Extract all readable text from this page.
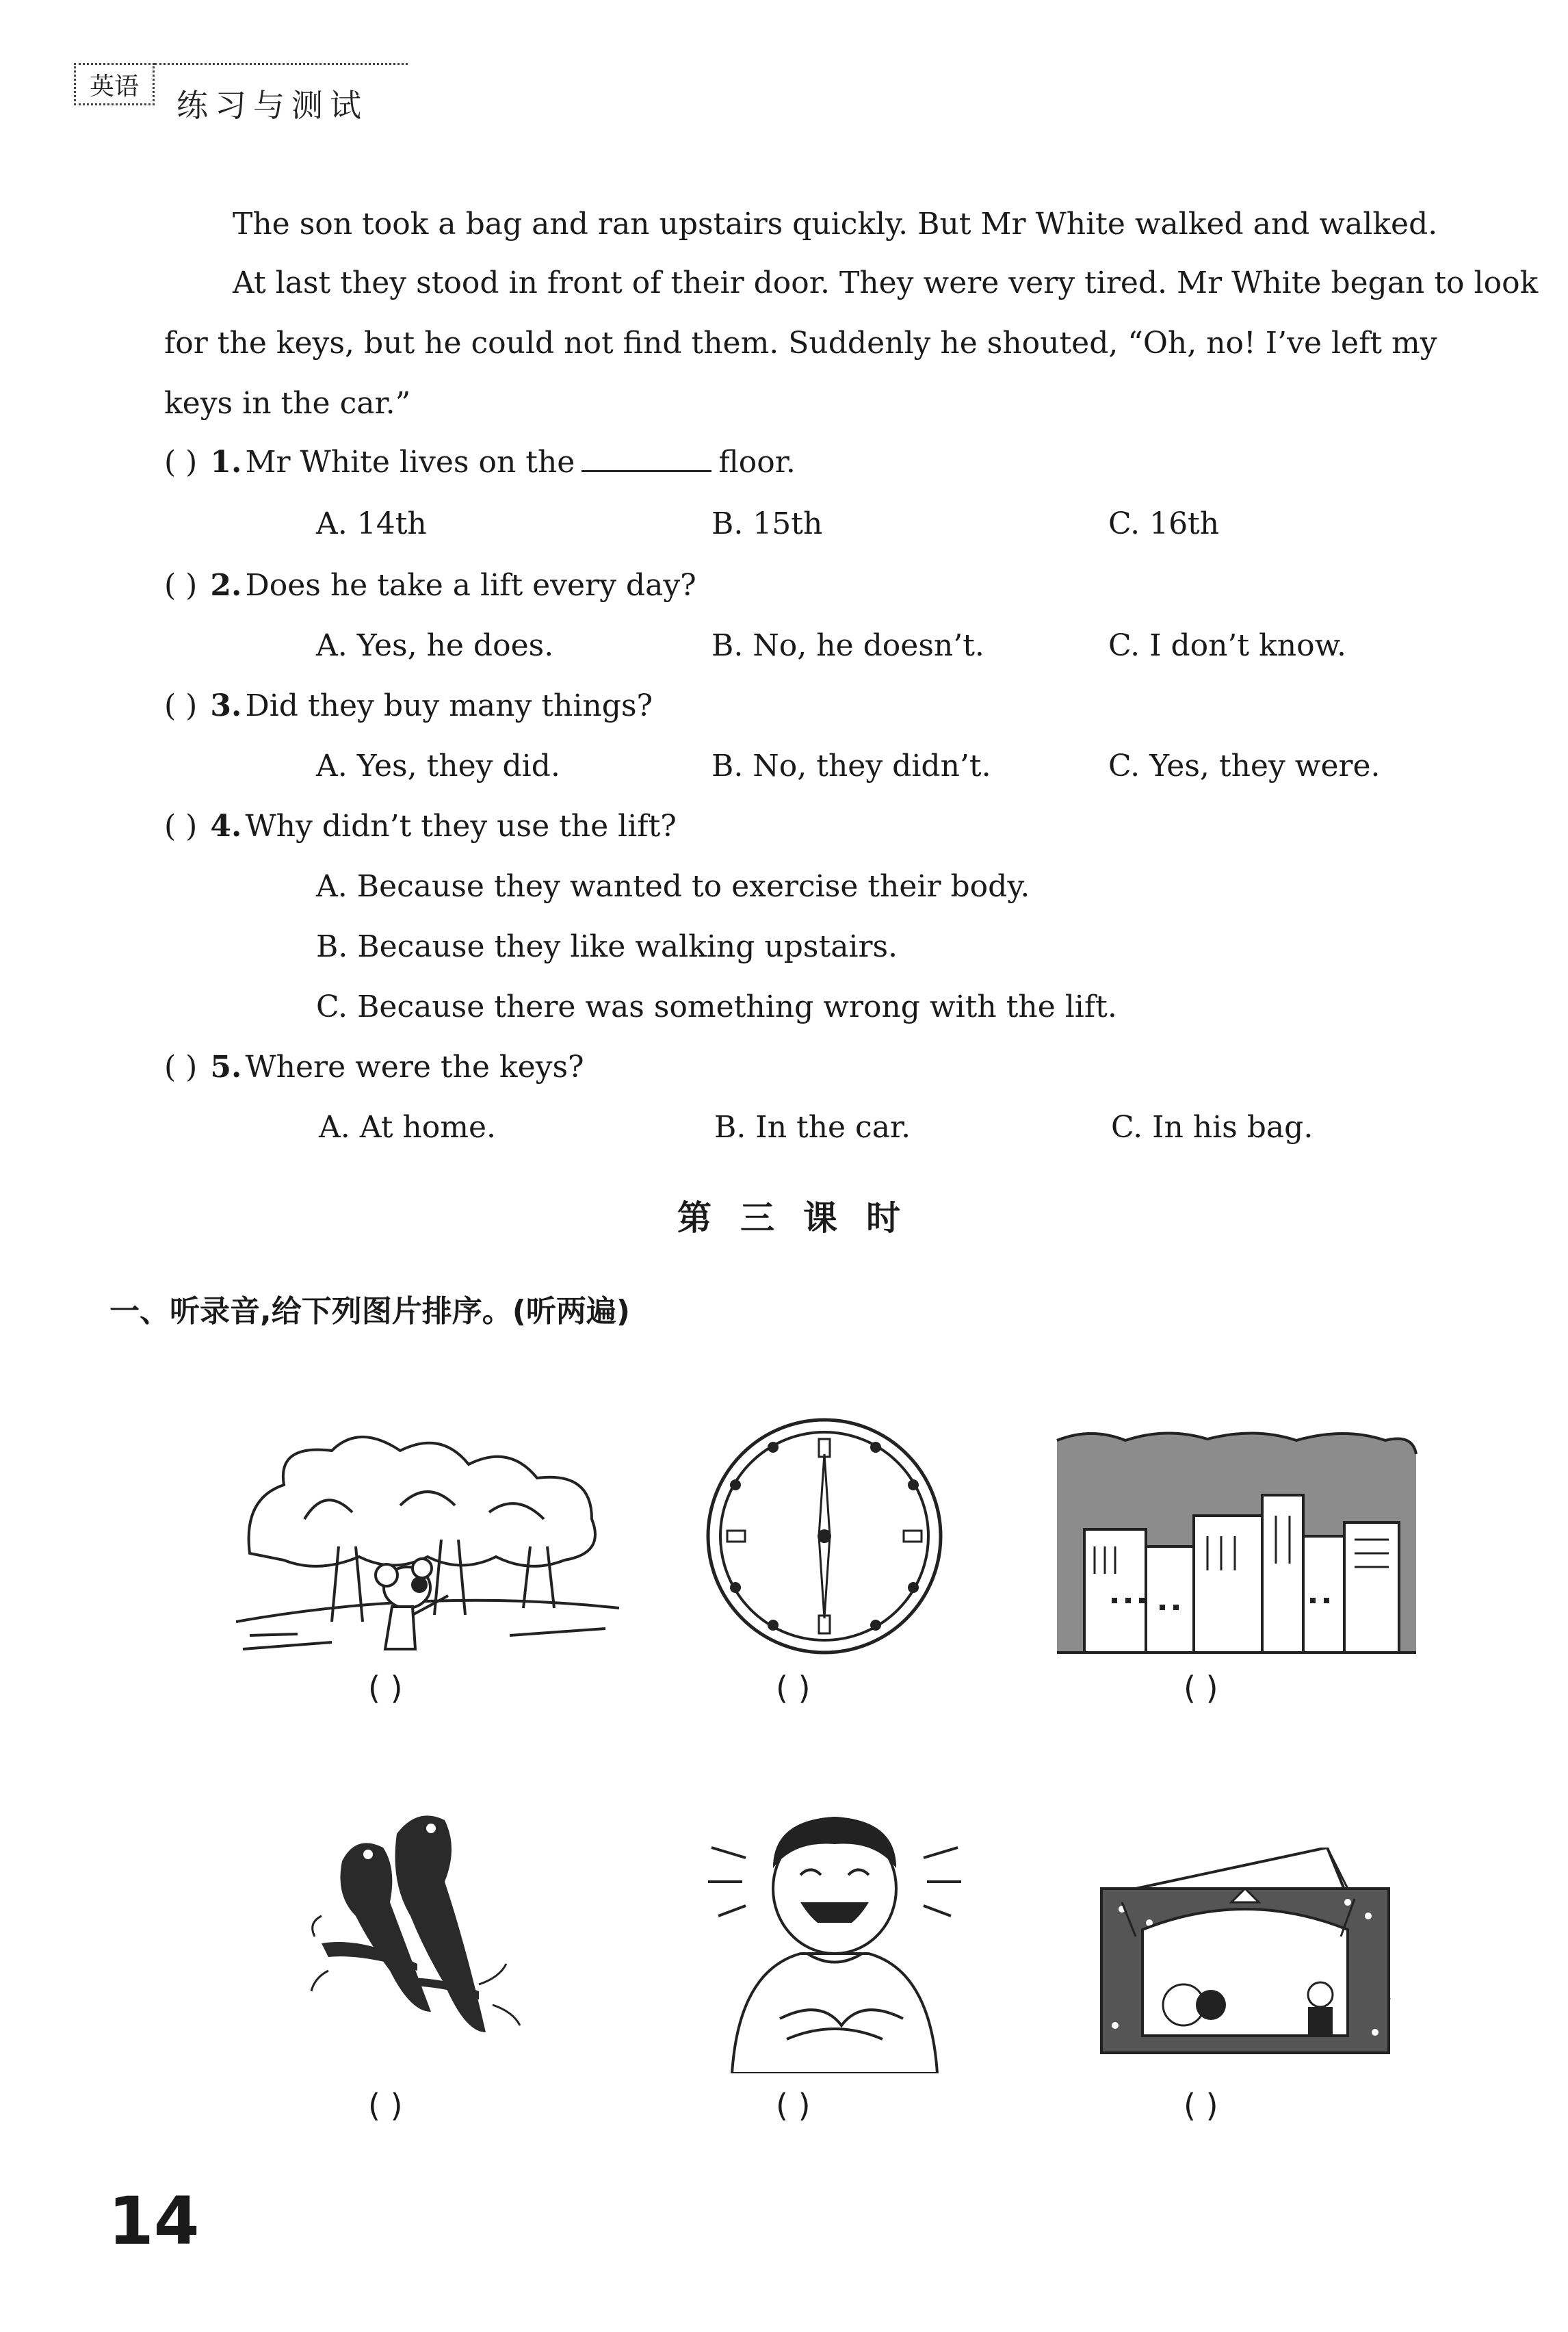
英语
练习与测试
The son took a bag and ran upstairs quickly. But Mr White walked and walked.
At last they stood in front of their door. They were very tired. Mr White began to look
for the keys, but he could not find them. Suddenly he shouted, “Oh, no! I’ve left my
keys in the car.”
( ) 1. Mr White lives on the	floor.
A. 14th	B. 15th	C. 16th
( ) 2. Does he take a lift every day?
A. Yes, he does.	B. No, he doesn’t.	C. I don’t know.
( ) 3. Did they buy many things?
A. Yes, they did.	B. No, they didn’t.	C. Yes, they were.
( ) 4. Why didn’t they use the lift?
A. Because they wanted to exercise their body.
B. Because they like walking upstairs.
C. Because there was something wrong with the lift.
( ) 5. Where were the keys?
A. At home.	B. In the car.	C. In his bag.
第三课时
一、听录音,给下列图片排序。(听两遍)
( )	( )	( )
( )	( )	( )
14
